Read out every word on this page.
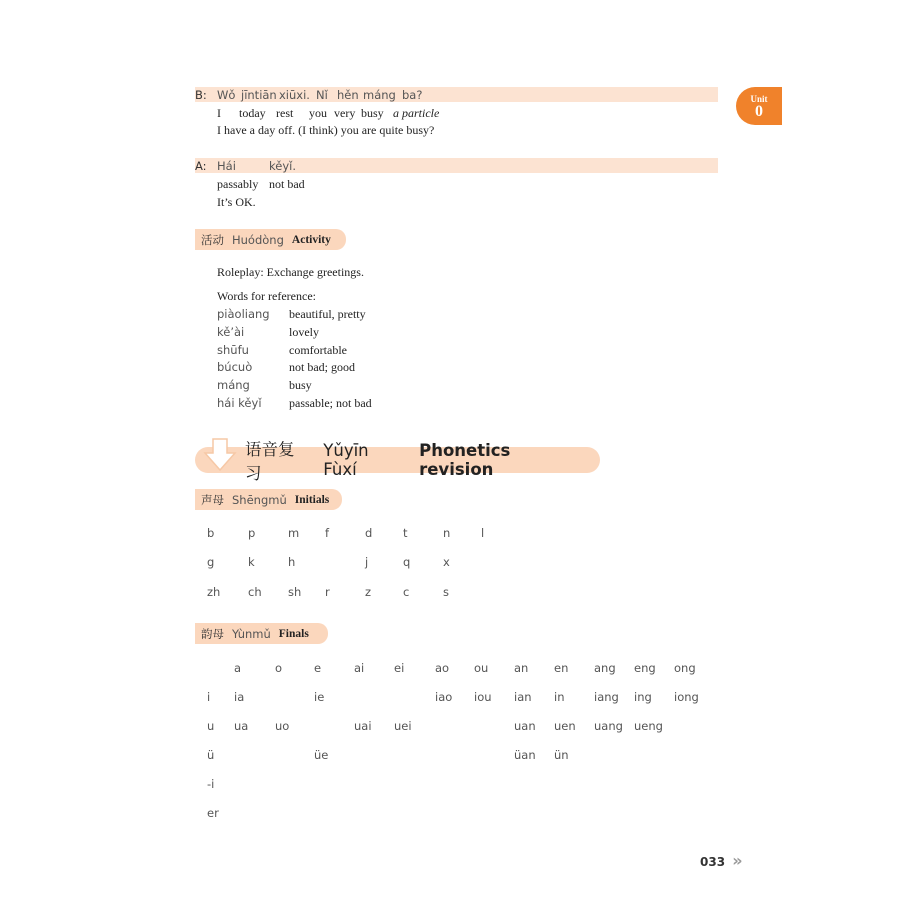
Unit
0
B: Wǒ jīntiān xiūxi. Nǐ hěn máng ba?
I today rest you very busy a particle
I have a day off. (I think) you are quite busy?
A: Hái	kěyǐ.
passably not bad
It’s OK.
活动 Huódòng Activity
Roleplay: Exchange greetings.
Words for reference:
piàoliang beautiful, pretty
kě’ài	lovely
shūfu	comfortable
búcuò	not bad; good
máng	busy
hái kěyǐ passable; not bad
语音复习
Yǔyīn Fùxí
Phonetics revision
声母 Shēngmǔ Initials
b	p	m f	d	t	n	l
g	k	h	j	q	x
zh ch sh r	z	c	s
韵母 Yùnmǔ Finals
a	o	e	ai	ei	ao ou an en ang eng ong
i ia	ie	iao iou ian in	iang ing iong
u ua uo	uai uei	uan uen uang ueng
ü	üe	üan ün
-i
er
033 »
